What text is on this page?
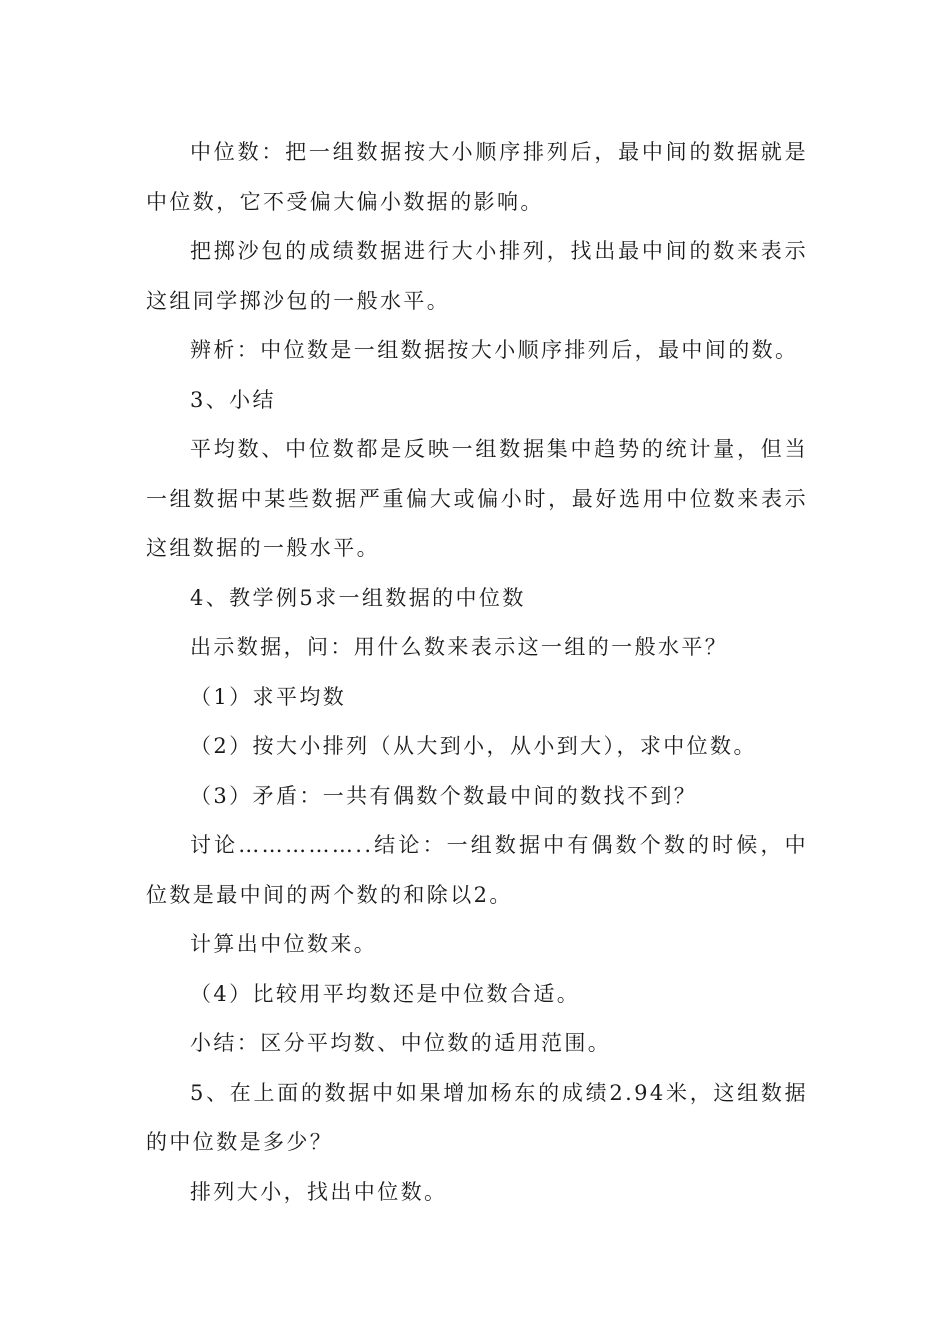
中位数：把一组数据按大小顺序排列后，最中间的数据就是中位数，它不受偏大偏小数据的影响。

把掷沙包的成绩数据进行大小排列，找出最中间的数来表示这组同学掷沙包的一般水平。

辨析：中位数是一组数据按大小顺序排列后，最中间的数。

3、小结

平均数、中位数都是反映一组数据集中趋势的统计量，但当一组数据中某些数据严重偏大或偏小时，最好选用中位数来表示这组数据的一般水平。

4、教学例5求一组数据的中位数

出示数据，问：用什么数来表示这一组的一般水平？

（1）求平均数

（2）按大小排列（从大到小，从小到大），求中位数。

（3）矛盾：一共有偶数个数最中间的数找不到？

讨论……………..结论：一组数据中有偶数个数的时候，中位数是最中间的两个数的和除以2。

计算出中位数来。

（4）比较用平均数还是中位数合适。

小结：区分平均数、中位数的适用范围。

5、在上面的数据中如果增加杨东的成绩2.94米，这组数据的中位数是多少？

排列大小，找出中位数。
